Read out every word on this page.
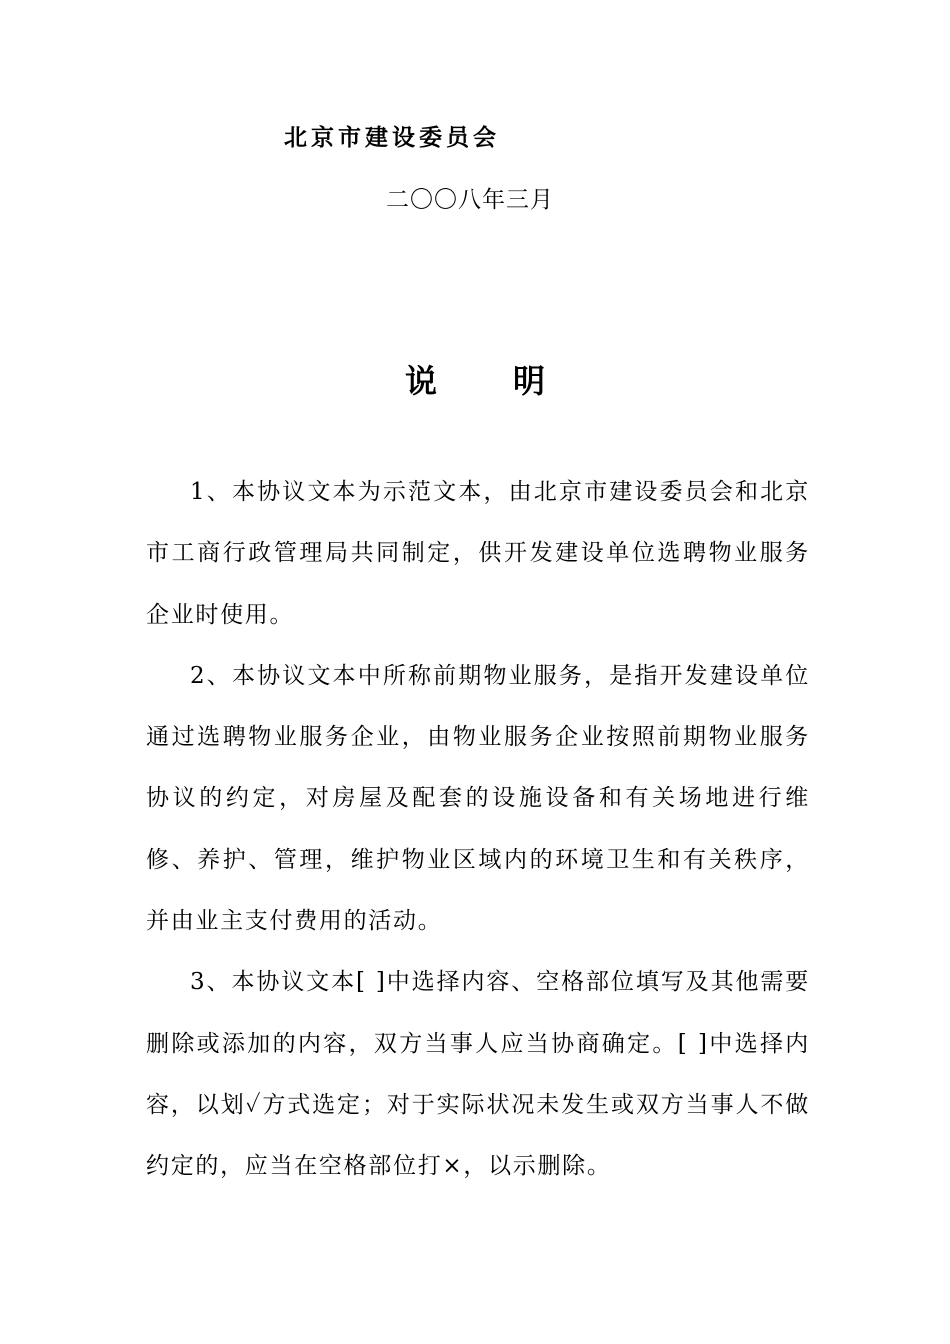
北京市建设委员会
二〇〇八年三月
说 明

1、本协议文本为示范文本，由北京市建设委员会和北京市工商行政管理局共同制定，供开发建设单位选聘物业服务企业时使用。

2、本协议文本中所称前期物业服务，是指开发建设单位通过选聘物业服务企业，由物业服务企业按照前期物业服务协议的约定，对房屋及配套的设施设备和有关场地进行维修、养护、管理，维护物业区域内的环境卫生和有关秩序，并由业主支付费用的活动。

3、本协议文本[ ]中选择内容、空格部位填写及其他需要删除或添加的内容，双方当事人应当协商确定。[ ]中选择内容，以划✓方式选定；对于实际状况未发生或双方当事人不做约定的，应当在空格部位打×，以示删除。
